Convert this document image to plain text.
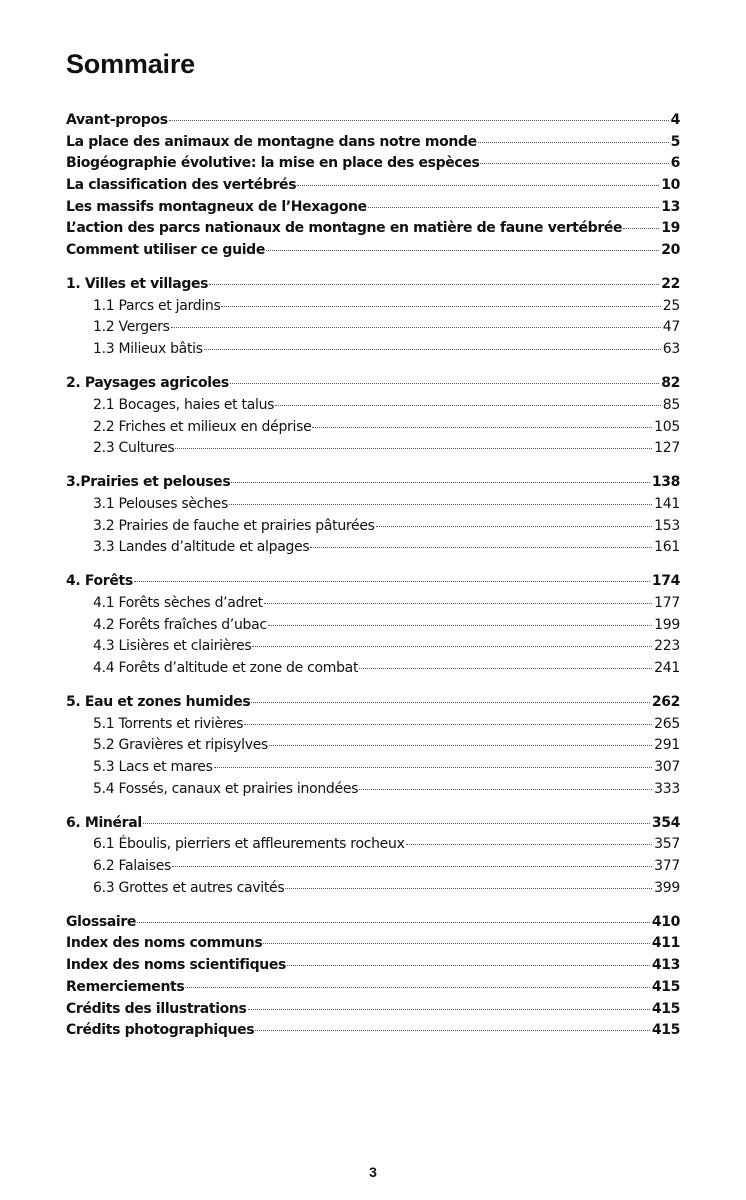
Sommaire
Avant-propos	4
La place des animaux de montagne dans notre monde	5
Biogéographie évolutive: la mise en place des espèces	6
La classification des vertébrés	10
Les massifs montagneux de l’Hexagone	13
L’action des parcs nationaux de montagne en matière de faune vertébrée	19
Comment utiliser ce guide	20
1. Villes et villages	22
1.1 Parcs et jardins	25
1.2 Vergers	47
1.3 Milieux bâtis	63
2. Paysages agricoles	82
2.1 Bocages, haies et talus	85
2.2 Friches et milieux en déprise	105
2.3 Cultures	127
3.Prairies et pelouses	138
3.1 Pelouses sèches	141
3.2 Prairies de fauche et prairies pâturées	153
3.3 Landes d’altitude et alpages	161
4. Forêts	174
4.1 Forêts sèches d’adret	177
4.2 Forêts fraîches d’ubac	199
4.3 Lisières et clairières	223
4.4 Forêts d’altitude et zone de combat	241
5. Eau et zones humides	262
5.1 Torrents et rivières	265
5.2 Gravières et ripisylves	291
5.3 Lacs et mares	307
5.4 Fossés, canaux et prairies inondées	333
6. Minéral	354
6.1 Éboulis, pierriers et affleurements rocheux	357
6.2 Falaises	377
6.3 Grottes et autres cavités	399
Glossaire	410
Index des noms communs	411
Index des noms scientifiques	413
Remerciements	415
Crédits des illustrations	415
Crédits photographiques	415
3
